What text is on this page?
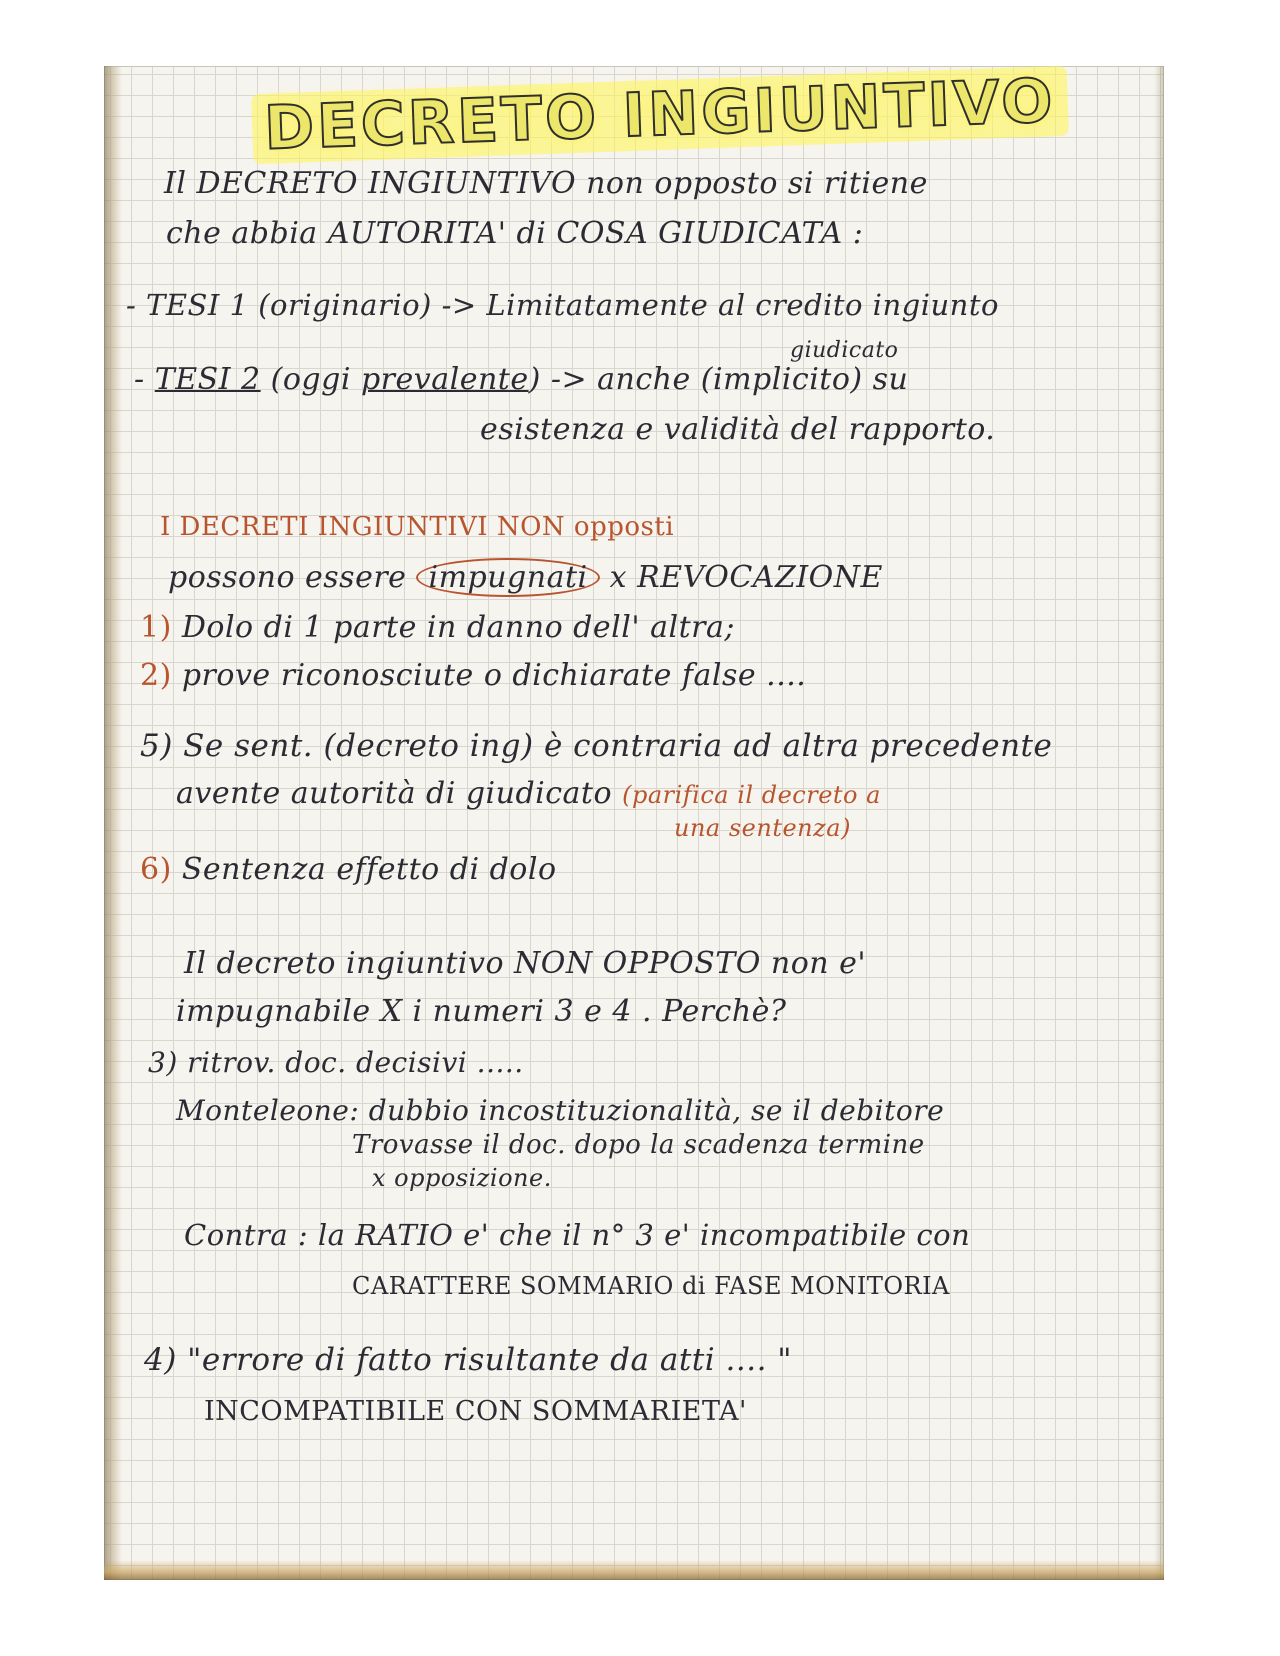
DECRETO INGIUNTIVO

Il DECRETO INGIUNTIVO non opposto si ritiene

che abbia AUTORITA' di COSA GIUDICATA :

- TESI 1 (originario) -> Limitatamente al credito ingiunto

giudicato

- TESI 2 (oggi prevalente) -> anche (implicito) su

esistenza e validità del rapporto.

I DECRETI INGIUNTIVI NON opposti

possono essere impugnati x REVOCAZIONE

1) Dolo di 1 parte in danno dell' altra;

2) prove riconosciute o dichiarate false ....

5) Se sent. (decreto ing) è contraria ad altra precedente

avente autorità di giudicato (parifica il decreto a

una sentenza)

6) Sentenza effetto di dolo

Il decreto ingiuntivo NON OPPOSTO non e'

impugnabile X i numeri 3 e 4 . Perchè?

3) ritrov. doc. decisivi .....

Monteleone: dubbio incostituzionalità, se il debitore

Trovasse il doc. dopo la scadenza termine

x opposizione.

Contra : la RATIO e' che il n° 3 e' incompatibile con

CARATTERE SOMMARIO di FASE MONITORIA

4) "errore di fatto risultante da atti .... "

INCOMPATIBILE CON SOMMARIETA'
